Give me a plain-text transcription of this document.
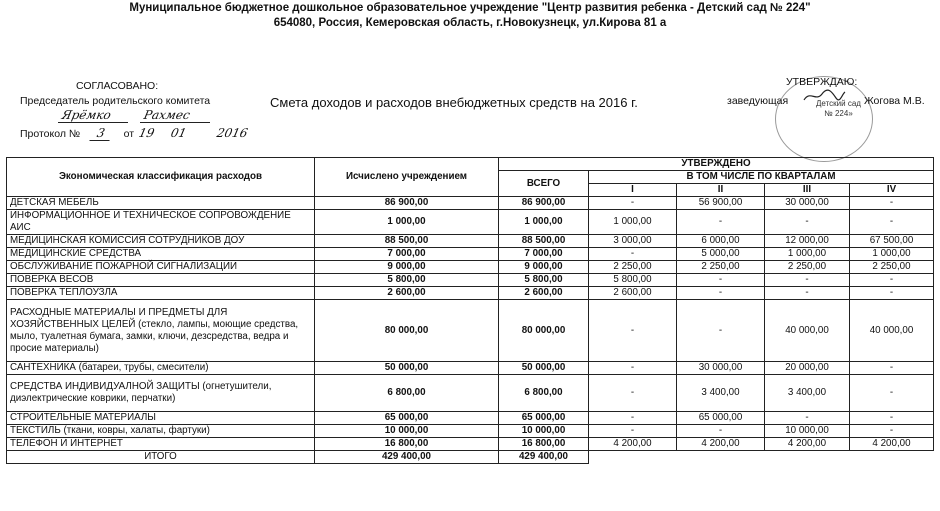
Муниципальное бюджетное дошкольное образовательное учреждение "Центр развития ребенка - Детский сад № 224"
654080, Россия, Кемеровская область, г.Новокузнецк, ул.Кирова 81 а
СОГЛАСОВАНО:
Председатель родительского комитета
Ярёмко	Рахмес
Протокол № 3 от 19 01 2016
Смета доходов и расходов внебюджетных средств на 2016 г.	Детский сад
№ 224»
УТВЕРЖДАЮ:
заведующая	Жогова М.В.
Экономическая классификация расходов	Исчислено учреждением	УТВЕРЖДЕНО				
		ВСЕГО	В ТОМ ЧИСЛЕ ПО КВАРТАЛАМ			
			I	II	III	IV
ДЕТСКАЯ МЕБЕЛЬ	86 900,00	86 900,00	-	56 900,00	30 000,00	-
ИНФОРМАЦИОННОЕ И ТЕХНИЧЕСКОЕ СОПРОВОЖДЕНИЕ АИС	1 000,00	1 000,00	1 000,00	-	-	-
МЕДИЦИНСКАЯ КОМИССИЯ СОТРУДНИКОВ ДОУ	88 500,00	88 500,00	3 000,00	6 000,00	12 000,00	67 500,00
МЕДИЦИНСКИЕ СРЕДСТВА	7 000,00	7 000,00	-	5 000,00	1 000,00	1 000,00
ОБСЛУЖИВАНИЕ ПОЖАРНОЙ СИГНАЛИЗАЦИИ	9 000,00	9 000,00	2 250,00	2 250,00	2 250,00	2 250,00
ПОВЕРКА ВЕСОВ	5 800,00	5 800,00	5 800,00	-	-	-
ПОВЕРКА ТЕПЛОУЗЛА	2 600,00	2 600,00	2 600,00	-	-	-
РАСХОДНЫЕ МАТЕРИАЛЫ И ПРЕДМЕТЫ ДЛЯ ХОЗЯЙСТВЕННЫХ ЦЕЛЕЙ (стекло, лампы, моющие средства, мыло, туалетная бумага, замки, ключи, дезсредства, ведра и просие материалы)	80 000,00	80 000,00	-	-	40 000,00	40 000,00
САНТЕХНИКА (батареи, трубы, смесители)	50 000,00	50 000,00	-	30 000,00	20 000,00	-
СРЕДСТВА ИНДИВИДУАЛНОЙ ЗАЩИТЫ (огнетушители, диэлектрические коврики, перчатки)	6 800,00	6 800,00	-	3 400,00	3 400,00	-
СТРОИТЕЛЬНЫЕ МАТЕРИАЛЫ	65 000,00	65 000,00	-	65 000,00	-	-
ТЕКСТИЛЬ (ткани, ковры, халаты, фартуки)	10 000,00	10 000,00	-	-	10 000,00	-
ТЕЛЕФОН И ИНТЕРНЕТ	16 800,00	16 800,00	4 200,00	4 200,00	4 200,00	4 200,00
ИТОГО	429 400,00	429 400,00				
